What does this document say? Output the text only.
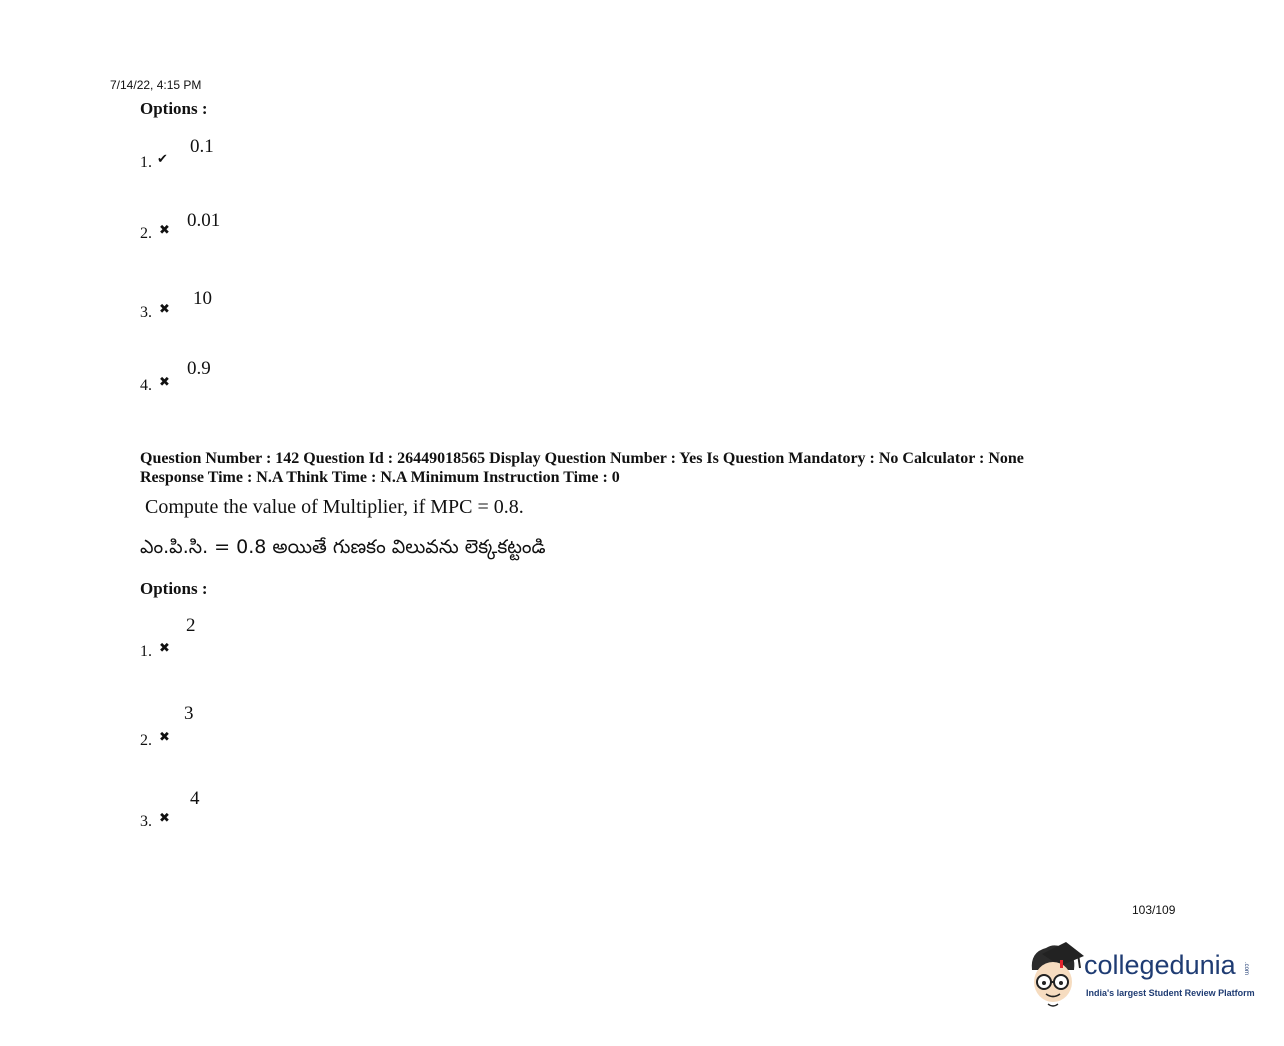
7/14/22, 4:15 PM
Options :
1. ✔
0.1
2. ✖ 0.01
3. ✖
10
4. ✖
0.9
Question Number : 142 Question Id : 26449018565 Display Question Number : Yes Is Question Mandatory : No Calculator : None
Response Time : N.A Think Time : N.A Minimum Instruction Time : 0
Compute the value of Multiplier, if MPC = 0.8.
ఎం.పి.సి. = 0.8 అయితే గుణకం విలువను లెక్కకట్టండి
Options :
1. ✖
2
2. ✖
3
3. ✖
4
103/109
collegedunia .com
India's largest Student Review Platform
